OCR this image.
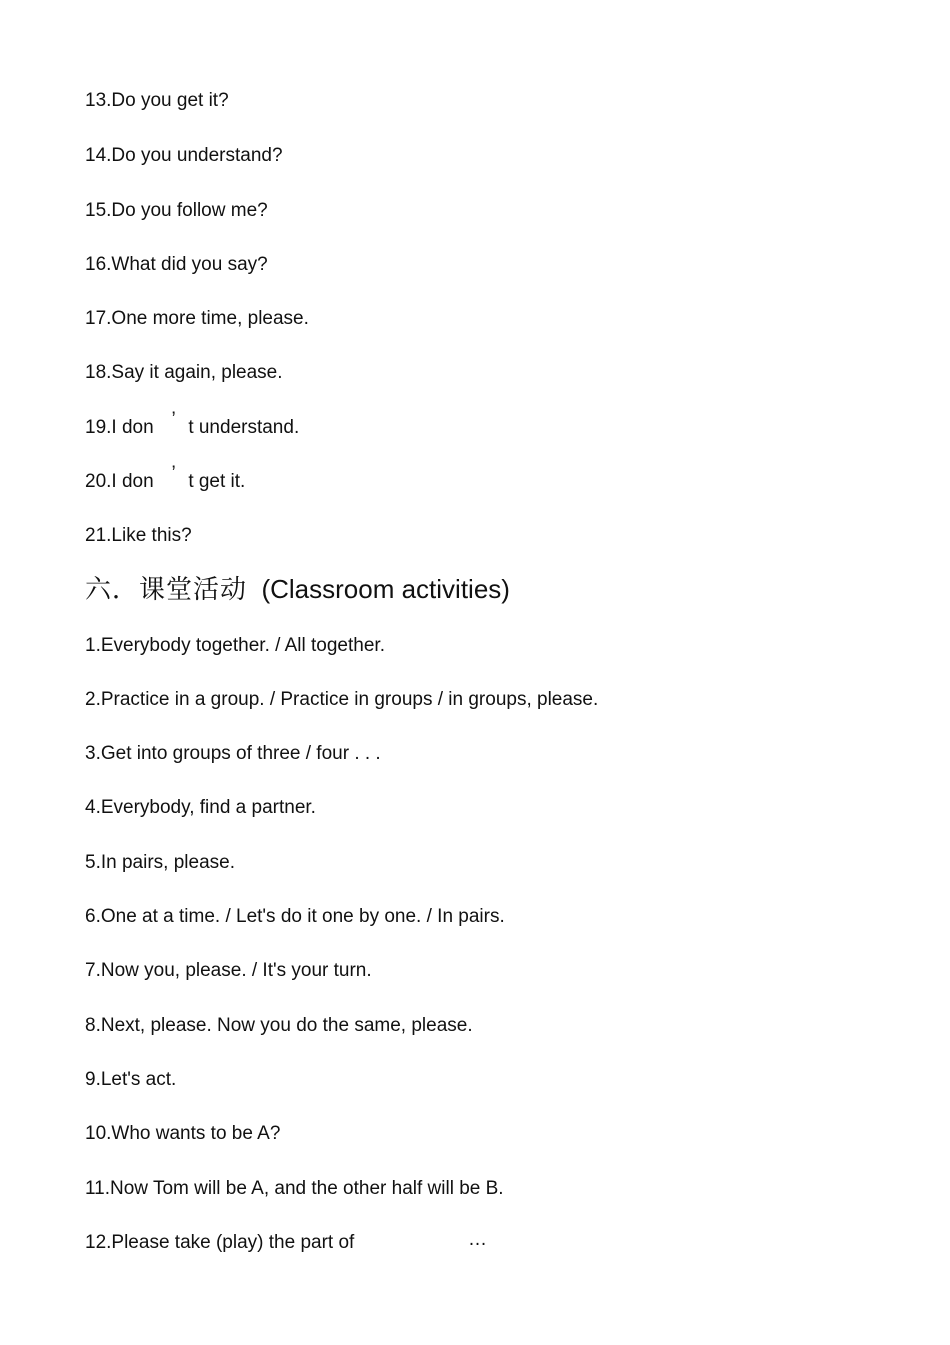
13.Do you get it?
14.Do you understand?
15.Do you follow me?
16.What did you say?
17.One more time, please.
18.Say it again, please.
19.I don ’ t understand.
20.I don ’ t get it.
21.Like this?
六．课堂活动 (Classroom activities)
1.Everybody together. / All together.
2.Practice in a group. / Practice in groups / in groups, please.
3.Get into groups of three / four . . .
4.Everybody, find a partner.
5.In pairs, please.
6.One at a time. / Let's do it one by one. / In pairs.
7.Now you, please. / It's your turn.
8.Next, please. Now you do the same, please.
9.Let's act.
10.Who wants to be A?
11.Now Tom will be A, and the other half will be B.
12.Please take (play) the part of	…
